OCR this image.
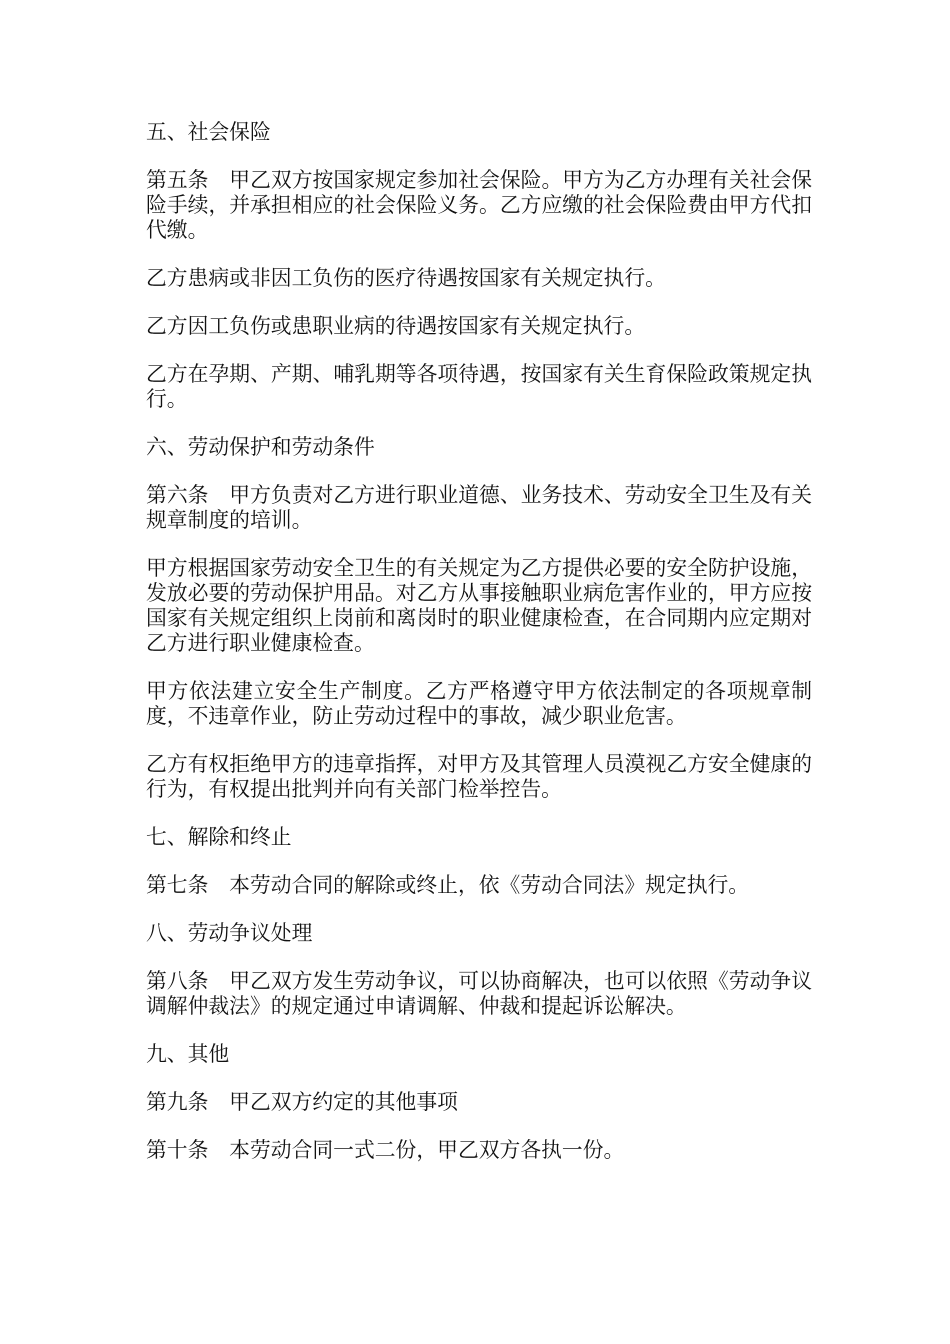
五、社会保险

第五条　甲乙双方按国家规定参加社会保险。甲方为乙方办理有关社会保险手续，并承担相应的社会保险义务。乙方应缴的社会保险费由甲方代扣代缴。

乙方患病或非因工负伤的医疗待遇按国家有关规定执行。

乙方因工负伤或患职业病的待遇按国家有关规定执行。

乙方在孕期、产期、哺乳期等各项待遇，按国家有关生育保险政策规定执行。

六、劳动保护和劳动条件

第六条　甲方负责对乙方进行职业道德、业务技术、劳动安全卫生及有关规章制度的培训。

甲方根据国家劳动安全卫生的有关规定为乙方提供必要的安全防护设施，发放必要的劳动保护用品。对乙方从事接触职业病危害作业的，甲方应按国家有关规定组织上岗前和离岗时的职业健康检查，在合同期内应定期对乙方进行职业健康检查。

甲方依法建立安全生产制度。乙方严格遵守甲方依法制定的各项规章制度，不违章作业，防止劳动过程中的事故，减少职业危害。

乙方有权拒绝甲方的违章指挥，对甲方及其管理人员漠视乙方安全健康的行为，有权提出批判并向有关部门检举控告。

七、解除和终止

第七条　本劳动合同的解除或终止，依《劳动合同法》规定执行。

八、劳动争议处理

第八条　甲乙双方发生劳动争议，可以协商解决，也可以依照《劳动争议调解仲裁法》的规定通过申请调解、仲裁和提起诉讼解决。

九、其他

第九条　甲乙双方约定的其他事项

第十条　本劳动合同一式二份，甲乙双方各执一份。
